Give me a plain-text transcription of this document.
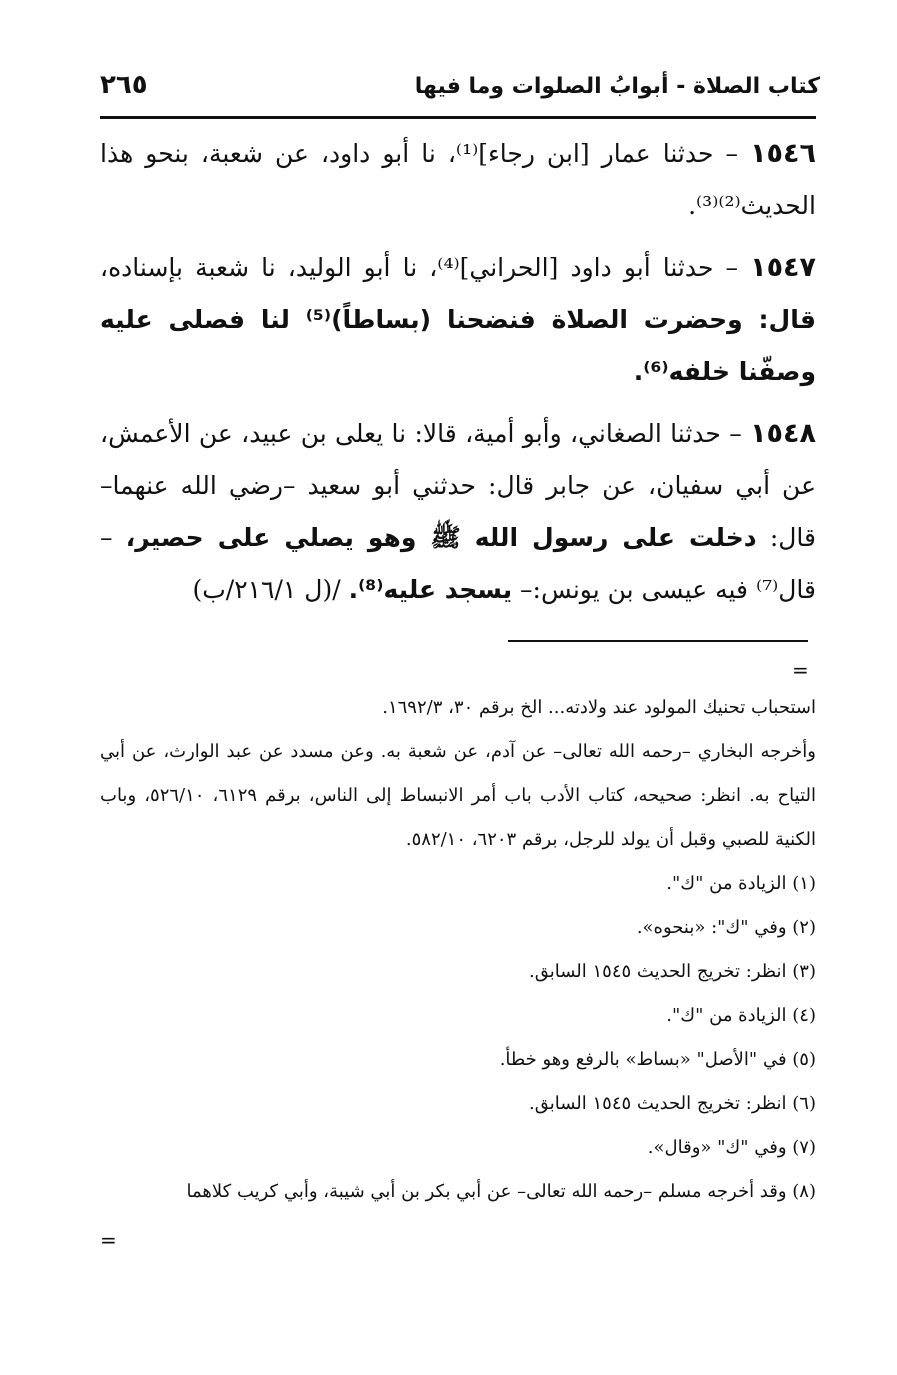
كتاب الصلاة - أبوابُ الصلوات وما فيها
٢٦٥

١٥٤٦ – حدثنا عمار [ابن رجاء]⁽¹⁾، نا أبو داود، عن شعبة، بنحو هذا الحديث⁽²⁾⁽³⁾.

١٥٤٧ – حدثنا أبو داود [الحراني]⁽⁴⁾، نا أبو الوليد، نا شعبة بإسناده، قال: وحضرت الصلاة فنضحنا (بساطاً)⁽⁵⁾ لنا فصلى عليه وصفّنا خلفه⁽⁶⁾.

١٥٤٨ – حدثنا الصغاني، وأبو أمية، قالا: نا يعلى بن عبيد، عن الأعمش، عن أبي سفيان، عن جابر قال: حدثني أبو سعيد –رضي الله عنهما– قال: دخلت على رسول الله ﷺ وهو يصلي على حصير، –قال⁽⁷⁾ فيه عيسى بن يونس:– يسجد عليه⁽⁸⁾. /(ل ٢١٦/١/ب)

=

استحباب تحنيك المولود عند ولادته... الخ برقم ٣٠، ١٦٩٢/٣.

وأخرجه البخاري –رحمه الله تعالى– عن آدم، عن شعبة به. وعن مسدد عن عبد الوارث، عن أبي التياح به. انظر: صحيحه، كتاب الأدب باب أمر الانبساط إلى الناس، برقم ٦١٢٩، ٥٢٦/١٠، وباب الكنية للصبي وقبل أن يولد للرجل، برقم ٦٢٠٣، ٥٨٢/١٠.

(١) الزيادة من "ك".

(٢) وفي "ك": «بنحوه».

(٣) انظر: تخريج الحديث ١٥٤٥ السابق.

(٤) الزيادة من "ك".

(٥) في "الأصل" «بساط» بالرفع وهو خطأ.

(٦) انظر: تخريج الحديث ١٥٤٥ السابق.

(٧) وفي "ك" «وقال».

(٨) وقد أخرجه مسلم –رحمه الله تعالى– عن أبي بكر بن أبي شيبة، وأبي كريب كلاهما

=
